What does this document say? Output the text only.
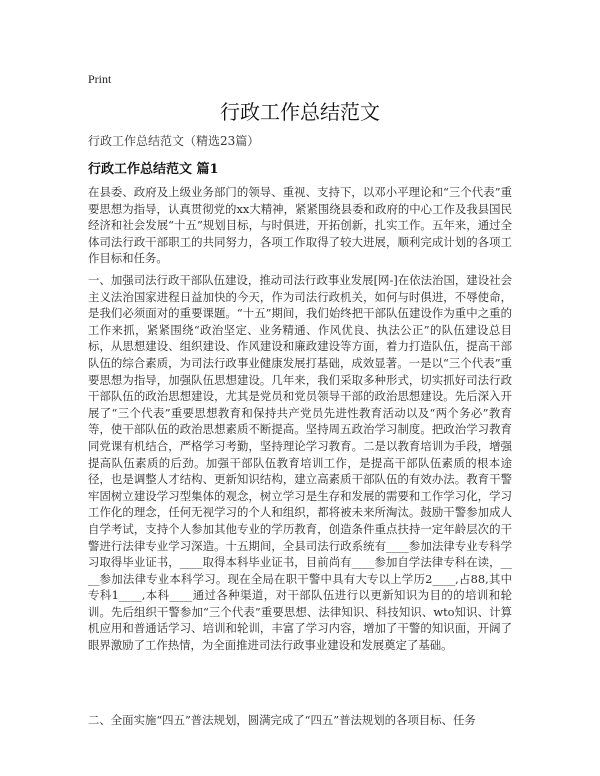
Print
行政工作总结范文
行政工作总结范文（精选23篇）
行政工作总结范文 篇1

在县委、政府及上级业务部门的领导、重视、支持下，以邓小平理论和“三个代表”重要思想为指导，认真贯彻党的xx大精神，紧紧围绕县委和政府的中心工作及我县国民经济和社会发展“十五”规划目标，与时俱进，开拓创新，扎实工作。五年来，通过全体司法行政干部职工的共同努力，各项工作取得了较大进展，顺利完成计划的各项工作目标和任务。

一、加强司法行政干部队伍建设，推动司法行政事业发展[网-]在依法治国，建设社会主义法治国家进程日益加快的今天，作为司法行政机关，如何与时俱进，不辱使命，是我们必须面对的重要课题。“十五”期间，我们始终把干部队伍建设作为重中之重的工作来抓，紧紧围绕“政治坚定、业务精通、作风优良、执法公正”的队伍建设总目标，从思想建设、组织建设、作风建设和廉政建设等方面，着力打造队伍，提高干部队伍的综合素质，为司法行政事业健康发展打基础，成效显著。一是以“三个代表”重要思想为指导，加强队伍思想建设。几年来，我们采取多种形式，切实抓好司法行政干部队伍的政治思想建设，尤其是党员和党员领导干部的政治思想建设。先后深入开展了“三个代表”重要思想教育和保持共产党员先进性教育活动以及“两个务必”教育等，使干部队伍的政治思想素质不断提高。坚持周五政治学习制度。把政治学习教育同党课有机结合，严格学习考勤，坚持理论学习教育。二是以教育培训为手段，增强提高队伍素质的后劲。加强干部队伍教育培训工作，是提高干部队伍素质的根本途径，也是调整人才结构、更新知识结构，建立高素质干部队伍的有效办法。教育干警牢固树立建设学习型集体的观念，树立学习是生存和发展的需要和工作学习化，学习工作化的理念，任何无视学习的个人和组织，都将被未来所淘汰。鼓励干警参加成人自学考试，支持个人参加其他专业的学历教育，创造条件重点扶持一定年龄层次的干警进行法律专业学习深造。十五期间，全县司法行政系统有____参加法律专业专科学习取得毕业证书，____取得本科毕业证书，目前尚有____参加自学法律专科在读，____参加法律专业本科学习。现在全局在职干警中具有大专以上学历2____,占88,其中专科1____,本科____通过各种渠道，对干部队伍进行以更新知识为目的的培训和轮训。先后组织干警参加“三个代表”重要思想、法律知识、科技知识、wto知识、计算机应用和普通话学习、培训和轮训，丰富了学习内容，增加了干警的知识面，开阔了眼界激励了工作热情，为全面推进司法行政事业建设和发展奠定了基础。

二、全面实施“四五”普法规划，圆满完成了“四五”普法规划的各项目标、任务
